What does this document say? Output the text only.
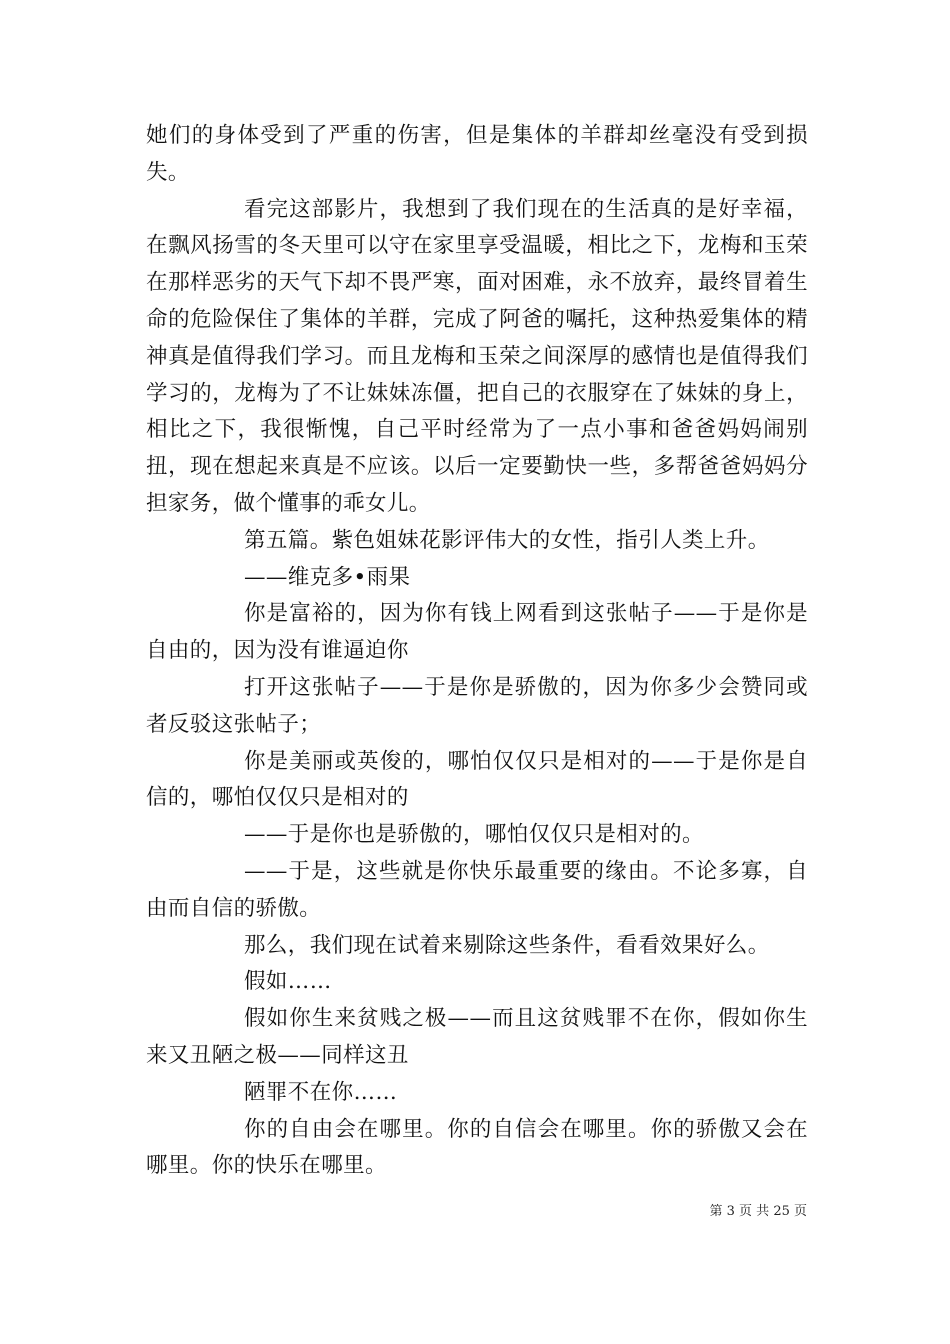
她们的身体受到了严重的伤害，但是集体的羊群却丝毫没有受到损失。

看完这部影片，我想到了我们现在的生活真的是好幸福，在飘风扬雪的冬天里可以守在家里享受温暖，相比之下，龙梅和玉荣在那样恶劣的天气下却不畏严寒，面对困难，永不放弃，最终冒着生命的危险保住了集体的羊群，完成了阿爸的嘱托，这种热爱集体的精神真是值得我们学习。而且龙梅和玉荣之间深厚的感情也是值得我们学习的，龙梅为了不让妹妹冻僵，把自己的衣服穿在了妹妹的身上，相比之下，我很惭愧，自己平时经常为了一点小事和爸爸妈妈闹别扭，现在想起来真是不应该。以后一定要勤快一些，多帮爸爸妈妈分担家务，做个懂事的乖女儿。

第五篇。紫色姐妹花影评伟大的女性，指引人类上升。

——维克多•雨果

你是富裕的，因为你有钱上网看到这张帖子——于是你是自由的，因为没有谁逼迫你

打开这张帖子——于是你是骄傲的，因为你多少会赞同或者反驳这张帖子；

你是美丽或英俊的，哪怕仅仅只是相对的——于是你是自信的，哪怕仅仅只是相对的

——于是你也是骄傲的，哪怕仅仅只是相对的。

——于是，这些就是你快乐最重要的缘由。不论多寡，自由而自信的骄傲。

那么，我们现在试着来剔除这些条件，看看效果好么。

假如……

假如你生来贫贱之极——而且这贫贱罪不在你，假如你生来又丑陋之极——同样这丑

陋罪不在你……

你的自由会在哪里。你的自信会在哪里。你的骄傲又会在哪里。你的快乐在哪里。

第 3 页 共 25 页
